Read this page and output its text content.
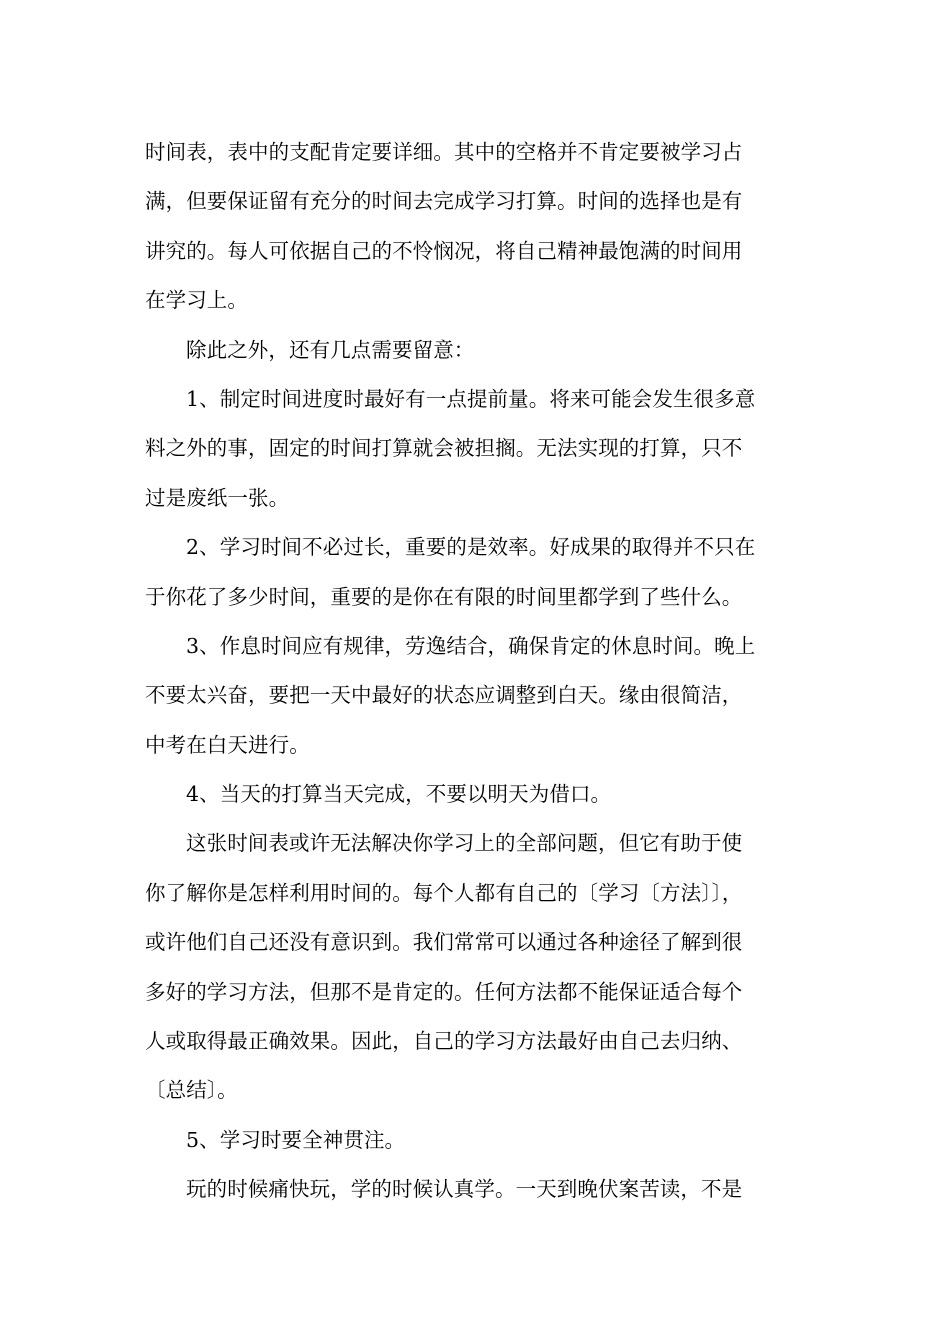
时间表，表中的支配肯定要详细。其中的空格并不肯定要被学习占
满，但要保证留有充分的时间去完成学习打算。时间的选择也是有
讲究的。每人可依据自己的不怜悯况，将自己精神最饱满的时间用
在学习上。
除此之外，还有几点需要留意：
1、制定时间进度时最好有一点提前量。将来可能会发生很多意
料之外的事，固定的时间打算就会被担搁。无法实现的打算，只不
过是废纸一张。
2、学习时间不必过长，重要的是效率。好成果的取得并不只在
于你花了多少时间，重要的是你在有限的时间里都学到了些什么。
3、作息时间应有规律，劳逸结合，确保肯定的休息时间。晚上
不要太兴奋，要把一天中最好的状态应调整到白天。缘由很简洁，
中考在白天进行。
4、当天的打算当天完成，不要以明天为借口。
这张时间表或许无法解决你学习上的全部问题，但它有助于使
你了解你是怎样利用时间的。每个人都有自己的〔学习〔方法〕〕，
或许他们自己还没有意识到。我们常常可以通过各种途径了解到很
多好的学习方法，但那不是肯定的。任何方法都不能保证适合每个
人或取得最正确效果。因此，自己的学习方法最好由自己去归纳、
〔总结〕。
5、学习时要全神贯注。
玩的时候痛快玩，学的时候认真学。一天到晚伏案苦读，不是
